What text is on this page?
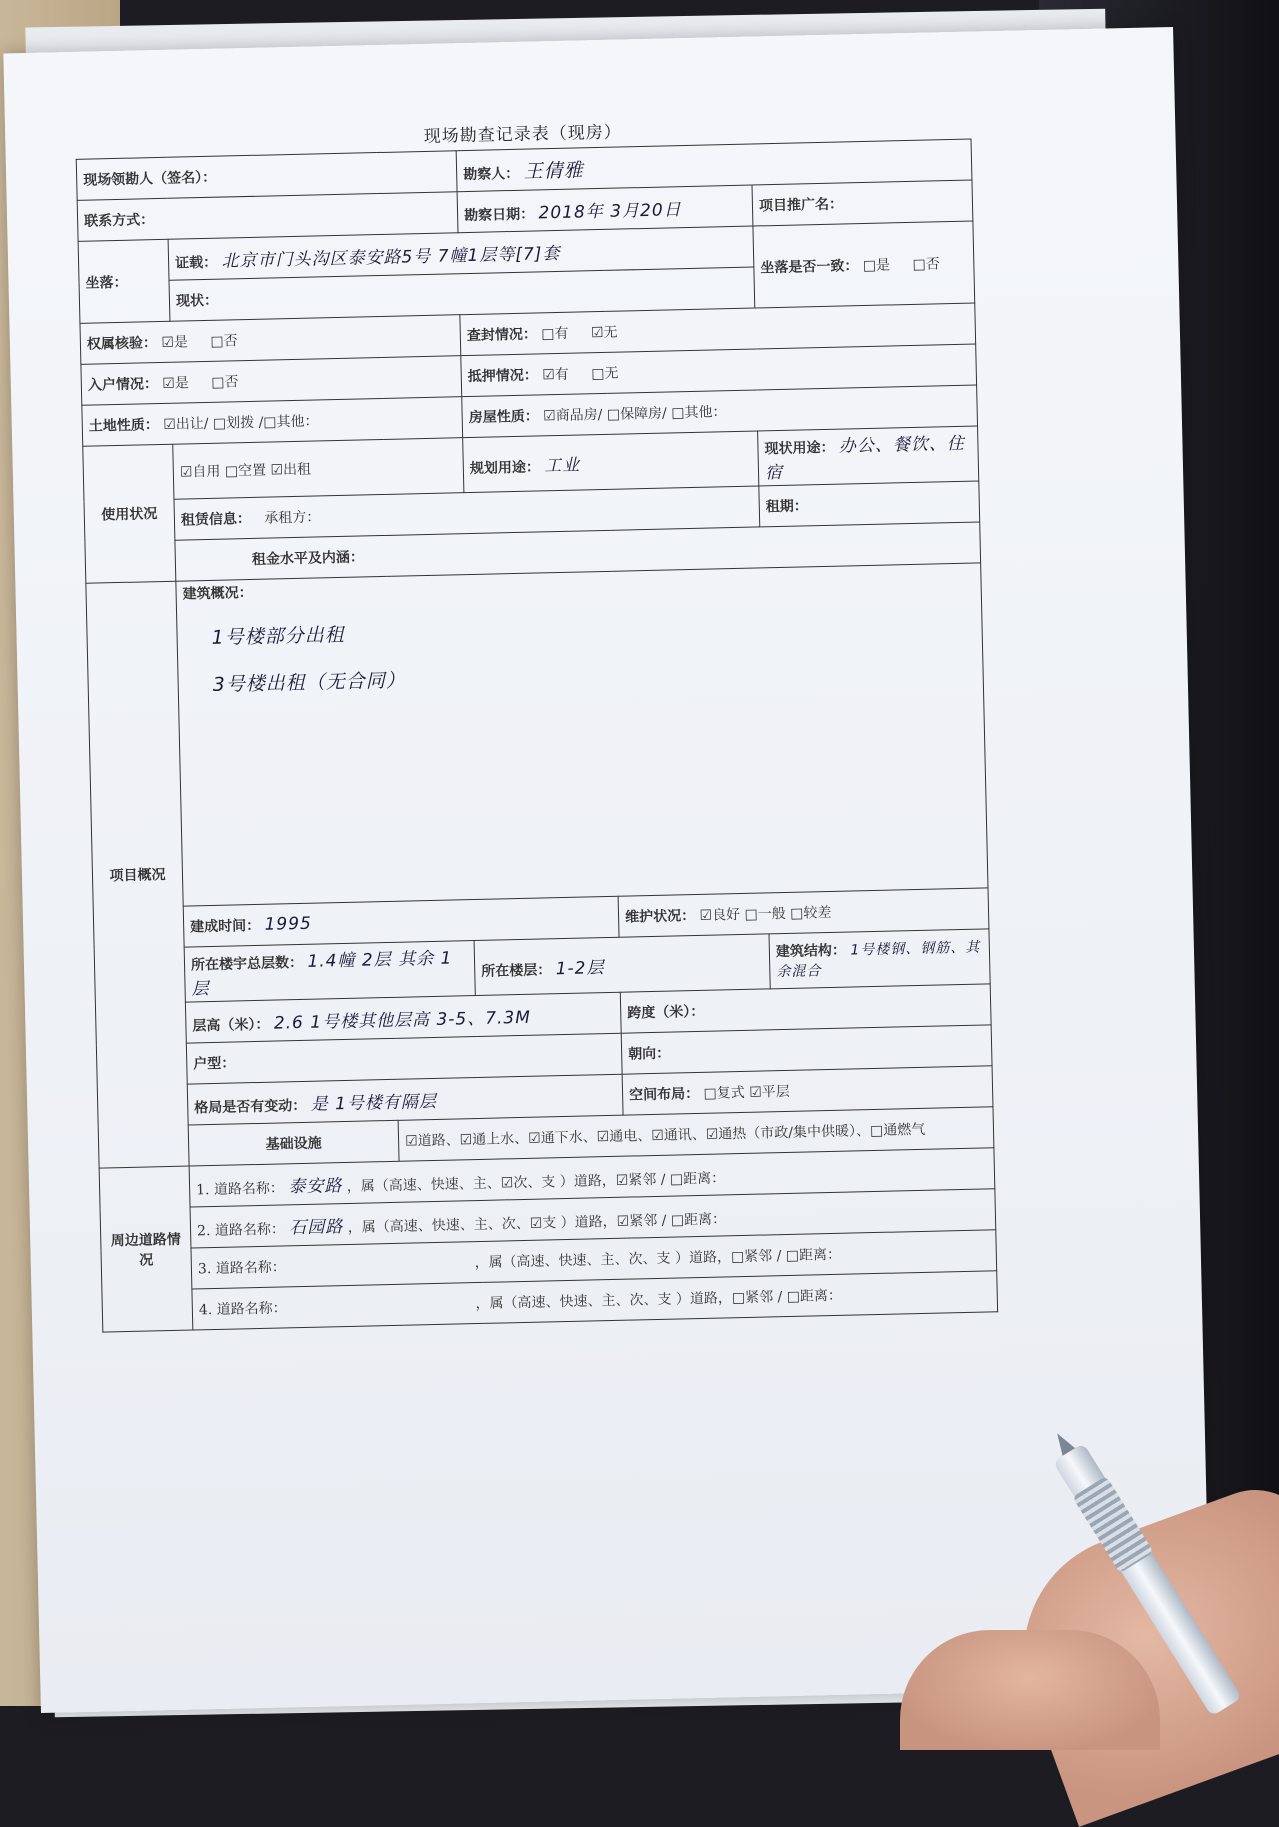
现场勘查记录表（现房）
现场领勘人（签名）：			勘察人： 王倩雅		
联系方式：			勘察日期： 2018年 3月20日		项目推广名：
坐落：	证载： 北京市门头沟区泰安路5号 7幢1层等[7]套				坐落是否一致： □是 □否
	现状：				
权属核验： ☑是 □否			查封情况： □有 ☑无		
入户情况： ☑是 □否			抵押情况： ☑有 □无		
土地性质： ☑出让/ □划拨 /□其他：			房屋性质： ☑商品房/ □保障房/ □其他：		
使用状况	☑自用 □空置 ☑出租		规划用途： 工业		现状用途： 办公、餐饮、住宿
	租赁信息： 承租方：				租期：
	租金水平及内涵：				
项目概况	建筑概况：
1号楼部分出租
3号楼出租（无合同）				

	建成时间： 1995			维护状况： ☑良好 □一般 □较差	
	所在楼宇总层数： 1.4幢 2层 其余 1层		所在楼层： 1-2层		建筑结构： 1号楼钢、钢筋、其余混合
	层高（米）： 2.6 1号楼其他层高 3-5、7.3M			跨度（米）：	
	户型：			朝向：	
	格局是否有变动： 是 1号楼有隔层			空间布局： □复式 ☑平层	
	基础设施	☑道路、☑通上水、☑通下水、☑通电、☑通讯、☑通热（市政/集中供暖）、□通燃气			
周边道路情况	1. 道路名称： 泰安路 ，属（高速、快速、主、☑次、支 ）道路，☑紧邻 / □距离：				
	2. 道路名称： 石园路 ，属（高速、快速、主、次、☑支 ）道路，☑紧邻 / □距离：				
	3. 道路名称： ，属（高速、快速、主、次、支 ）道路，□紧邻 / □距离：				
	4. 道路名称： ，属（高速、快速、主、次、支 ）道路，□紧邻 / □距离：				
